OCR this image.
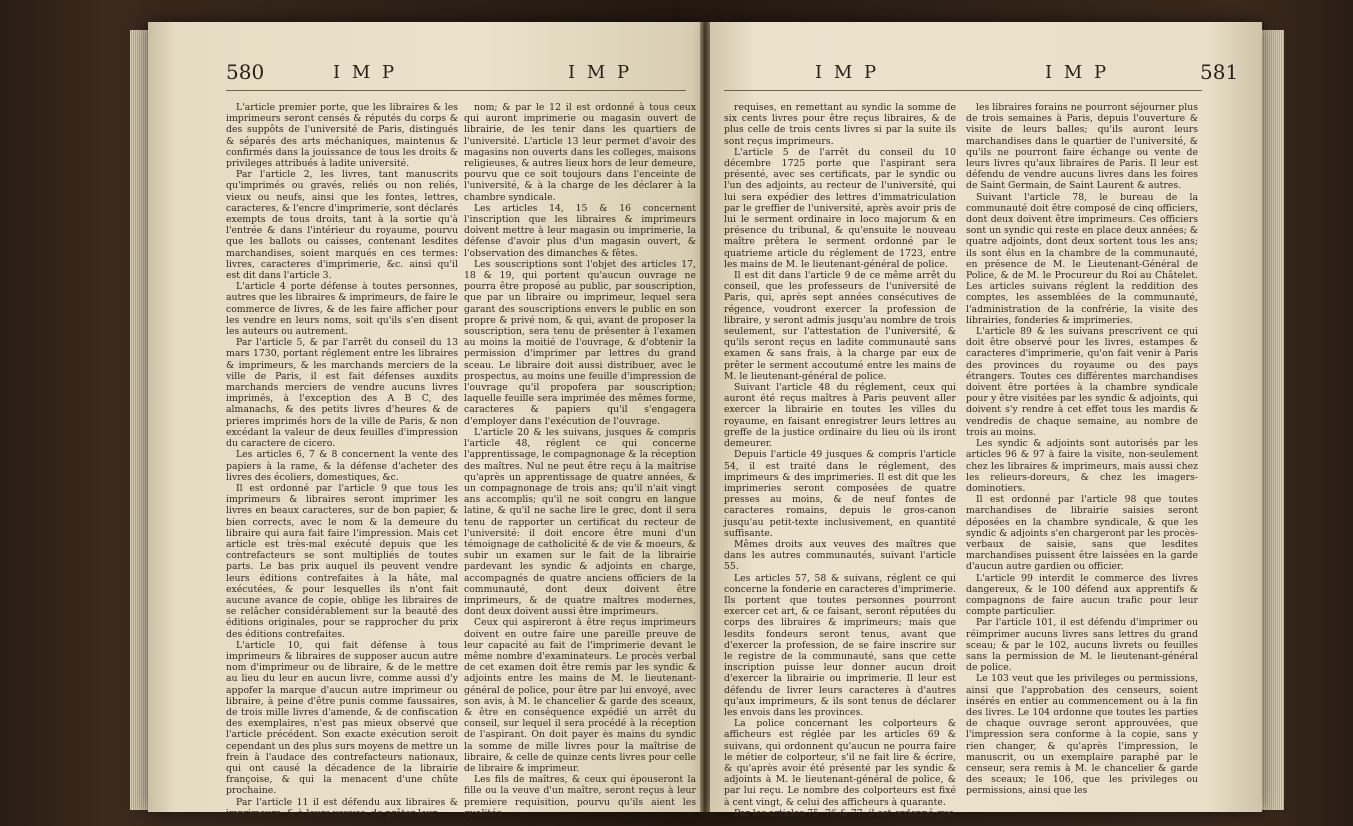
580	I M P	I M P

L'article premier porte, que les libraires & les imprimeurs seront censés & réputés du corps & des suppôts de l'université de Paris, distingués & séparés des arts méchaniques, maintenus & confirmés dans la jouissance de tous les droits & privileges attribués à ladite université.

Par l'article 2, les livres, tant manuscrits qu'imprimés ou gravés, reliés ou non reliés, vieux ou neufs, ainsi que les fontes, lettres, caracteres, & l'encre d'imprimerie, sont déclarés exempts de tous droits, tant à la sortie qu'à l'entrée & dans l'intérieur du royaume, pourvu que les ballots ou caisses, contenant lesdites marchandises, soient marqués en ces termes: livres, caracteres d'imprimerie, &c. ainsi qu'il est dit dans l'article 3.

L'article 4 porte défense à toutes personnes, autres que les libraires & imprimeurs, de faire le commerce de livres, & de les faire afficher pour les vendre en leurs noms, soit qu'ils s'en disent les auteurs ou autrement.

Par l'article 5, & par l'arrêt du conseil du 13 mars 1730, portant réglement entre les libraires & imprimeurs, & les marchands merciers de la ville de Paris, il est fait défenses auxdits marchands merciers de vendre aucuns livres imprimés, à l'exception des A B C, des almanachs, & des petits livres d'heures & de prieres imprimés hors de la ville de Paris, & non excédant la valeur de deux feuilles d'impression du caractere de cicero.

Les articles 6, 7 & 8 concernent la vente des papiers à la rame, & la défense d'acheter des livres des écoliers, domestiques, &c.

Il est ordonné par l'article 9 que tous les imprimeurs & libraires seront imprimer les livres en beaux caracteres, sur de bon papier, & bien corrects, avec le nom & la demeure du libraire qui aura fait faire l'impression. Mais cet article est très-mal exécuté depuis que les contrefacteurs se sont multipliés de toutes parts. Le bas prix auquel ils peuvent vendre leurs éditions contrefaites à la hâte, mal exécutées, & pour lesquelles ils n'ont fait aucune avance de copie, oblige les libraires de se relâcher considérablement sur la beauté des éditions originales, pour se rapprocher du prix des éditions contrefaites.

L'article 10, qui fait défense à tous imprimeurs & libraires de supposer aucun autre nom d'imprimeur ou de libraire, & de le mettre au lieu du leur en aucun livre, comme aussi d'y appofer la marque d'aucun autre imprimeur ou libraire, à peine d'être punis comme faussaires, de trois mille livres d'amende, & de confiscation des exemplaires, n'est pas mieux observé que l'article précédent. Son exacte exécution seroit cependant un des plus surs moyens de mettre un frein à l'audace des contrefacteurs nationaux, qui ont causé la décadence de la librairie françoise, & qui la menacent d'une chûte prochaine.

Par l'article 11 il est défendu aux libraires & imprimeurs, & à leurs veuves, de prêter leur

nom; & par le 12 il est ordonné à tous ceux qui auront imprimerie ou magasin ouvert de librairie, de les tenir dans les quartiers de l'université. L'article 13 leur permet d'avoir des magasins non ouverts dans les colleges, maisons religieuses, & autres lieux hors de leur demeure, pourvu que ce soit toujours dans l'enceinte de l'université, & à la charge de les déclarer à la chambre syndicale.

Les articles 14, 15 & 16 concernent l'inscription que les libraires & imprimeurs doivent mettre à leur magasin ou imprimerie, la défense d'avoir plus d'un magasin ouvert, & l'observation des dimanches & fêtes.

Les souscriptions sont l'objet des articles 17, 18 & 19, qui portent qu'aucun ouvrage ne pourra être proposé au public, par souscription, que par un libraire ou imprimeur, lequel sera garant des souscriptions envers le public en son propre & privé nom, & qui, avant de proposer la souscription, sera tenu de présenter à l'examen au moins la moitié de l'ouvrage, & d'obtenir la permission d'imprimer par lettres du grand sceau. Le libraire doit aussi distribuer, avec le prospectus, au moins une feuille d'impression de l'ouvrage qu'il propofera par souscription; laquelle feuille sera imprimée des mêmes forme, caracteres & papiers qu'il s'engagera d'employer dans l'exécution de l'ouvrage.

L'article 20 & les suivans, jusques & compris l'article 48, réglent ce qui concerne l'apprentissage, le compagnonage & la réception des maîtres. Nul ne peut être reçu à la maîtrise qu'après un apprentissage de quatre années, & un compagnonage de trois ans; qu'il n'ait vingt ans accomplis; qu'il ne soit congru en langue latine, & qu'il ne sache lire le grec, dont il sera tenu de rapporter un certificat du recteur de l'université: il doit encore être muni d'un témoignage de catholicité & de vie & moeurs, & subir un examen sur le fait de la librairie pardevant les syndic & adjoints en charge, accompagnés de quatre anciens officiers de la communauté, dont deux doivent être imprimeurs, & de quatre maîtres modernes, dont deux doivent aussi être imprimeurs.

Ceux qui aspireront à être reçus imprimeurs doivent en outre faire une pareille preuve de leur capacité au fait de l'imprimerie devant le même nombre d'examinateurs. Le procès verbal de cet examen doit être remis par les syndic & adjoints entre les mains de M. le lieutenant-général de police, pour être par lui envoyé, avec son avis, à M. le chancelier & garde des sceaux, & être en conséquence expédié un arrêt du conseil, sur lequel il sera procédé à la réception de l'aspirant. On doit payer ès mains du syndic la somme de mille livres pour la maîtrise de libraire, & celle de quinze cents livres pour celle de libraire & imprimeur.

Les fils de maîtres, & ceux qui épouseront la fille ou la veuve d'un maître, seront reçus à leur premiere requisition, pourvu qu'ils aient les qualités

I M P	I M P	581

requises, en remettant au syndic la somme de six cents livres pour être reçus libraires, & de plus celle de trois cents livres si par la suite ils sont reçus imprimeurs.

L'article 5 de l'arrêt du conseil du 10 décembre 1725 porte que l'aspirant sera présenté, avec ses certificats, par le syndic ou l'un des adjoints, au recteur de l'université, qui lui sera expédier des lettres d'immatriculation par le greffier de l'université, après avoir pris de lui le serment ordinaire in loco majorum & en présence du tribunal, & qu'ensuite le nouveau maître prêtera le serment ordonné par le quatrieme article du réglement de 1723, entre les mains de M. le lieutenant-général de police.

Il est dit dans l'article 9 de ce même arrêt du conseil, que les professeurs de l'université de Paris, qui, après sept années consécutives de régence, voudront exercer la profession de libraire, y seront admis jusqu'au nombre de trois seulement, sur l'attestation de l'université, & qu'ils seront reçus en ladite communauté sans examen & sans frais, à la charge par eux de prêter le serment accoutumé entre les mains de M. le lieutenant-général de police.

Suivant l'article 48 du réglement, ceux qui auront été reçus maîtres à Paris peuvent aller exercer la librairie en toutes les villes du royaume, en faisant enregistrer leurs lettres au greffe de la justice ordinaire du lieu où ils iront demeurer.

Depuis l'article 49 jusques & compris l'article 54, il est traité dans le réglement, des imprimeurs & des imprimeries. Il est dit que les imprimeries seront composées de quatre presses au moins, & de neuf fontes de caracteres romains, depuis le gros-canon jusqu'au petit-texte inclusivement, en quantité suffisante.

Mêmes droits aux veuves des maîtres que dans les autres communautés, suivant l'article 55.

Les articles 57, 58 & suivans, réglent ce qui concerne la fonderie en caracteres d'imprimerie. Ils portent que toutes personnes pourront exercer cet art, & ce faisant, seront réputées du corps des libraires & imprimeurs; mais que lesdits fondeurs seront tenus, avant que d'exercer la profession, de se faire inscrire sur le registre de la communauté, sans que cette inscription puisse leur donner aucun droit d'exercer la librairie ou imprimerie. Il leur est défendu de livrer leurs caracteres à d'autres qu'aux imprimeurs, & ils sont tenus de déclarer les envois dans les provinces.

La police concernant les colporteurs & afficheurs est réglée par les articles 69 & suivans, qui ordonnent qu'aucun ne pourra faire le métier de colporteur, s'il ne fait lire & écrire, & qu'après avoir été présenté par les syndic & adjoints à M. le lieutenant-général de police, & par lui reçu. Le nombre des colporteurs est fixé à cent vingt, & celui des afficheurs à quarante.

Par les articles 75, 76 & 77, il est ordonné que

les libraires forains ne pourront séjourner plus de trois semaines à Paris, depuis l'ouverture & visite de leurs balles; qu'ils auront leurs marchandises dans le quartier de l'université, & qu'ils ne pourront faire échange ou vente de leurs livres qu'aux libraires de Paris. Il leur est défendu de vendre aucuns livres dans les foires de Saint Germain, de Saint Laurent & autres.

Suivant l'article 78, le bureau de la communauté doit être composé de cinq officiers, dont deux doivent être imprimeurs. Ces officiers sont un syndic qui reste en place deux années; & quatre adjoints, dont deux sortent tous les ans; ils sont élus en la chambre de la communauté, en présence de M. le Lieutenant-Général de Police, & de M. le Procureur du Roi au Châtelet. Les articles suivans réglent la reddition des comptes, les assemblées de la communauté, l'administration de la confrérie, la visite des librairies, fonderies & imprimeries.

L'article 89 & les suivans prescrivent ce qui doit être observé pour les livres, estampes & caracteres d'imprimerie, qu'on fait venir à Paris des provinces du royaume ou des pays étrangers. Toutes ces différentes marchandises doivent être portées à la chambre syndicale pour y être visitées par les syndic & adjoints, qui doivent s'y rendre à cet effet tous les mardis & vendredis de chaque semaine, au nombre de trois au moins.

Les syndic & adjoints sont autorisés par les articles 96 & 97 à faire la visite, non-seulement chez les libraires & imprimeurs, mais aussi chez les relieurs-doreurs, & chez les imagers-dominotiers.

Il est ordonné par l'article 98 que toutes marchandises de librairie saisies seront déposées en la chambre syndicale, & que les syndic & adjoints s'en chargeront par les procès-verbaux de saisie, sans que lesdites marchandises puissent être laissées en la garde d'aucun autre gardien ou officier.

L'article 99 interdit le commerce des livres dangereux, & le 100 défend aux apprentifs & compagnons de faire aucun trafic pour leur compte particulier.

Par l'article 101, il est défendu d'imprimer ou réimprimer aucuns livres sans lettres du grand sceau; & par le 102, aucuns livrets ou feuilles sans la permission de M. le lieutenant-général de police.

Le 103 veut que les privileges ou permissions, ainsi que l'approbation des censeurs, soient insérés en entier au commencement ou à la fin des livres. Le 104 ordonne que toutes les parties de chaque ouvrage seront approuvées, que l'impression sera conforme à la copie, sans y rien changer, & qu'après l'impression, le manuscrit, ou un exemplaire paraphé par le censeur, sera remis à M. le chancelier & garde des sceaux; le 106, que les privileges ou permissions, ainsi que les
